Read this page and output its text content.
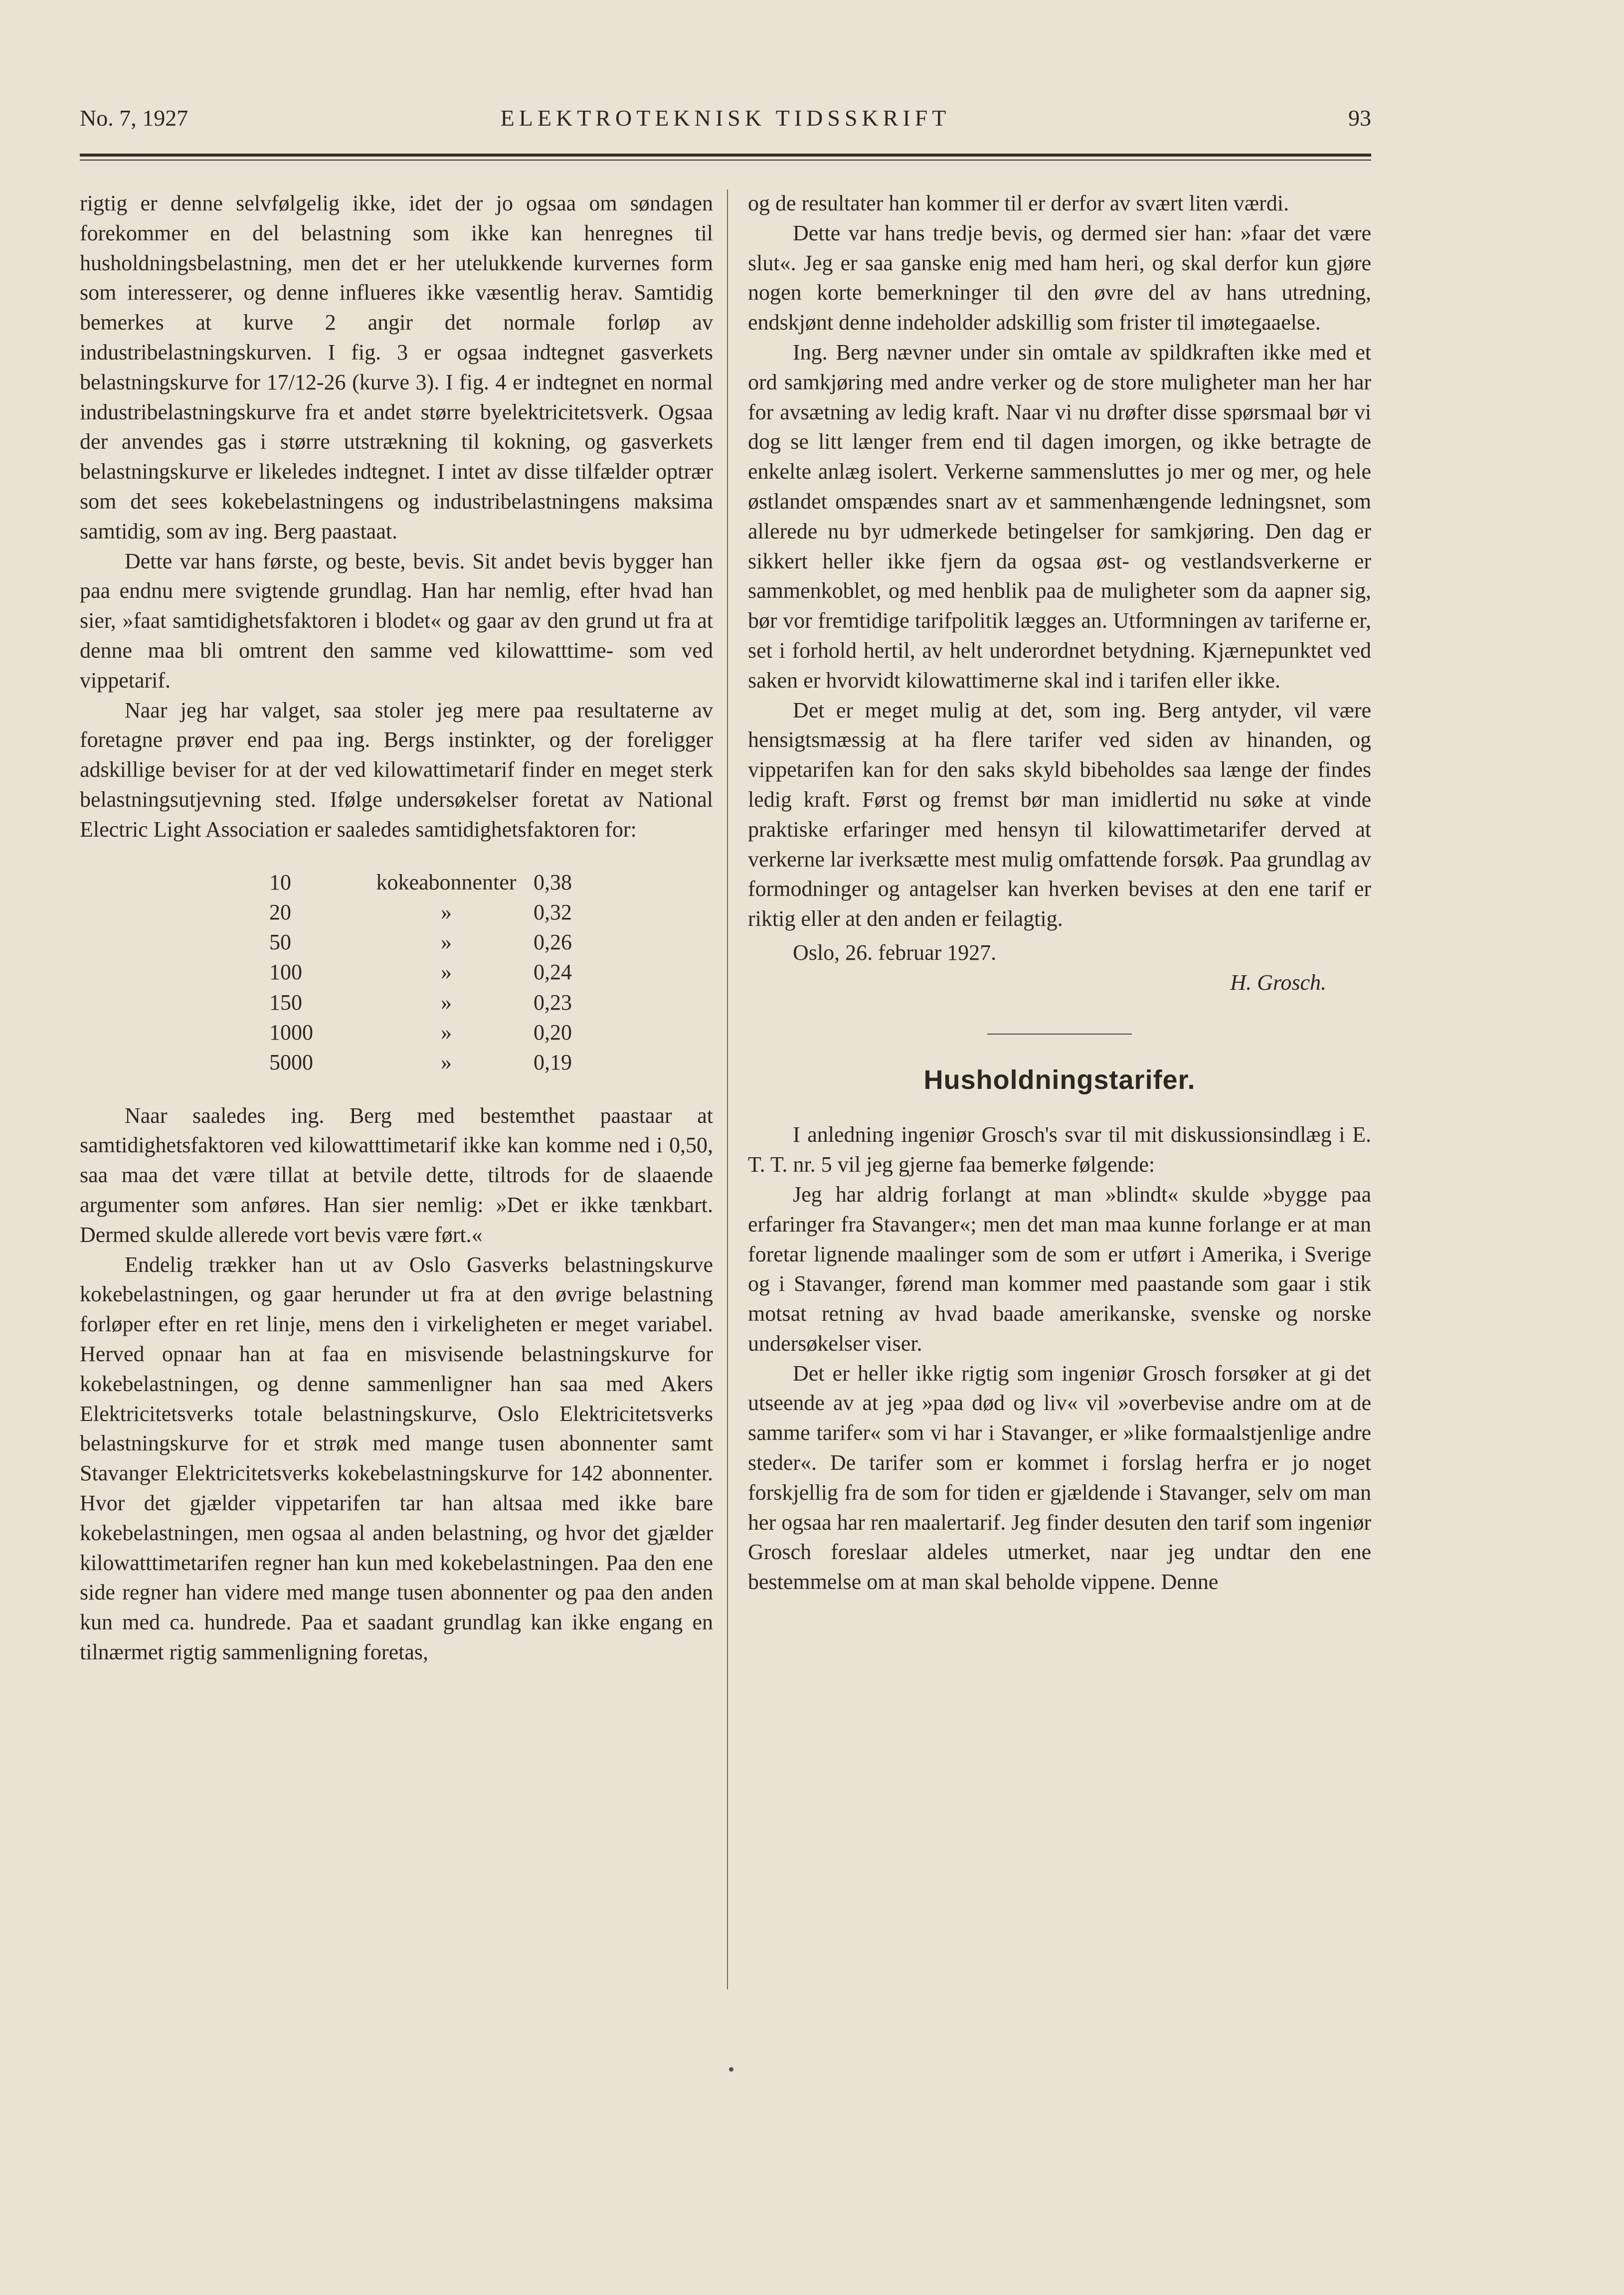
ELEKTROTEKNISK TIDSSKRIFT
No. 7, 1927	93

rigtig er denne selvfølgelig ikke, idet der jo ogsaa om søndagen forekommer en del belastning som ikke kan henregnes til husholdningsbelastning, men det er her utelukkende kurvernes form som interesserer, og denne influeres ikke væsentlig herav. Samtidig bemerkes at kurve 2 angir det normale forløp av industribelastningskurven. I fig. 3 er ogsaa indtegnet gasverkets belastningskurve for 17/12-26 (kurve 3). I fig. 4 er indtegnet en normal industribelastningskurve fra et andet større byelektricitetsverk. Ogsaa der anvendes gas i større utstrækning til kokning, og gasverkets belastningskurve er likeledes indtegnet. I intet av disse tilfælder optrær som det sees kokebelastningens og industribelastningens maksima samtidig, som av ing. Berg paastaat.

Dette var hans første, og beste, bevis. Sit andet bevis bygger han paa endnu mere svigtende grundlag. Han har nemlig, efter hvad han sier, »faat samtidighetsfaktoren i blodet« og gaar av den grund ut fra at denne maa bli omtrent den samme ved kilowatttime- som ved vippetarif.

Naar jeg har valget, saa stoler jeg mere paa resultaterne av foretagne prøver end paa ing. Bergs instinkter, og der foreligger adskillige beviser for at der ved kilowattimetarif finder en meget sterk belastningsutjevning sted. Ifølge undersøkelser foretat av National Electric Light Association er saaledes samtidighetsfaktoren for:

10	kokeabonnenter	0,38
20	»	0,32
50	»	0,26
100	»	0,24
150	»	0,23
1000	»	0,20
5000	»	0,19

Naar saaledes ing. Berg med bestemthet paastaar at samtidighetsfaktoren ved kilowatttimetarif ikke kan komme ned i 0,50, saa maa det være tillat at betvile dette, tiltrods for de slaaende argumenter som anføres. Han sier nemlig: »Det er ikke tænkbart. Dermed skulde allerede vort bevis være ført.«

Endelig trækker han ut av Oslo Gasverks belastningskurve kokebelastningen, og gaar herunder ut fra at den øvrige belastning forløper efter en ret linje, mens den i virkeligheten er meget variabel. Herved opnaar han at faa en misvisende belastningskurve for kokebelastningen, og denne sammenligner han saa med Akers Elektricitetsverks totale belastningskurve, Oslo Elektricitetsverks belastningskurve for et strøk med mange tusen abonnenter samt Stavanger Elektricitetsverks kokebelastningskurve for 142 abonnenter. Hvor det gjælder vippetarifen tar han altsaa med ikke bare kokebelastningen, men ogsaa al anden belastning, og hvor det gjælder kilowatttimetarifen regner han kun med kokebelastningen. Paa den ene side regner han videre med mange tusen abonnenter og paa den anden kun med ca. hundrede. Paa et saadant grundlag kan ikke engang en tilnærmet rigtig sammenligning foretas,

og de resultater han kommer til er derfor av svært liten værdi.

Dette var hans tredje bevis, og dermed sier han: »faar det være slut«. Jeg er saa ganske enig med ham heri, og skal derfor kun gjøre nogen korte bemerkninger til den øvre del av hans utredning, endskjønt denne indeholder adskillig som frister til imøtegaaelse.

Ing. Berg nævner under sin omtale av spildkraften ikke med et ord samkjøring med andre verker og de store muligheter man her har for avsætning av ledig kraft. Naar vi nu drøfter disse spørsmaal bør vi dog se litt længer frem end til dagen imorgen, og ikke betragte de enkelte anlæg isolert. Verkerne sammensluttes jo mer og mer, og hele østlandet omspændes snart av et sammenhængende ledningsnet, som allerede nu byr udmerkede betingelser for samkjøring. Den dag er sikkert heller ikke fjern da ogsaa øst- og vestlandsverkerne er sammenkoblet, og med henblik paa de muligheter som da aapner sig, bør vor fremtidige tarifpolitik lægges an. Utformningen av tariferne er, set i forhold hertil, av helt underordnet betydning. Kjærnepunktet ved saken er hvorvidt kilowattimerne skal ind i tarifen eller ikke.

Det er meget mulig at det, som ing. Berg antyder, vil være hensigtsmæssig at ha flere tarifer ved siden av hinanden, og vippetarifen kan for den saks skyld bibeholdes saa længe der findes ledig kraft. Først og fremst bør man imidlertid nu søke at vinde praktiske erfaringer med hensyn til kilowattimetarifer derved at verkerne lar iverksætte mest mulig omfattende forsøk. Paa grundlag av formodninger og antagelser kan hverken bevises at den ene tarif er riktig eller at den anden er feilagtig.

Oslo, 26. februar 1927.

H. Grosch.

Husholdningstarifer.

I anledning ingeniør Grosch's svar til mit diskussionsindlæg i E. T. T. nr. 5 vil jeg gjerne faa bemerke følgende:

Jeg har aldrig forlangt at man »blindt« skulde »bygge paa erfaringer fra Stavanger«; men det man maa kunne forlange er at man foretar lignende maalinger som de som er utført i Amerika, i Sverige og i Stavanger, førend man kommer med paastande som gaar i stik motsat retning av hvad baade amerikanske, svenske og norske undersøkelser viser.

Det er heller ikke rigtig som ingeniør Grosch forsøker at gi det utseende av at jeg »paa død og liv« vil »overbevise andre om at de samme tarifer« som vi har i Stavanger, er »like formaalstjenlige andre steder«. De tarifer som er kommet i forslag herfra er jo noget forskjellig fra de som for tiden er gjældende i Stavanger, selv om man her ogsaa har ren maalertarif. Jeg finder desuten den tarif som ingeniør Grosch foreslaar aldeles utmerket, naar jeg undtar den ene bestemmelse om at man skal beholde vippene. Denne
